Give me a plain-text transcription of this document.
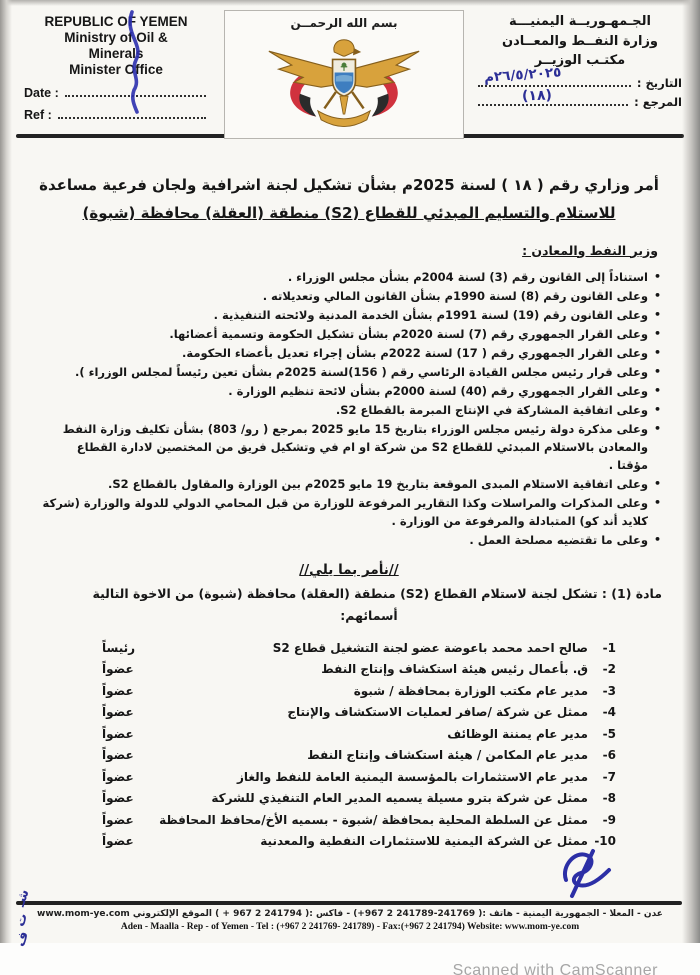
REPUBLIC OF YEMEN
Ministry of Oil &
Minerals
Minister Office
Date :
Ref :
بسم الله الرحمــن	الجـمهـوريــة اليمنيـــة
وزارة النفــط والمعــادن
مكتـب الوزيــر
التاريخ :
٢٦/٥/٢٠٢٥م
المرجع :
(١٨)
أمر وزاري رقم ( ١٨ ) لسنة 2025م بشأن تشكيل لجنة اشرافية ولجان فرعية مساعدة
للاستلام والتسليم المبدئي للقطاع (S2) منطقة (العقلة) محافظة (شبوة)
وزير النفط والمعادن :
• استناداً إلى القانون رقم (3) لسنة 2004م بشأن مجلس الوزراء .
• وعلى القانون رقم (8) لسنة 1990م بشأن القانون المالي وتعديلاته .
• وعلى القانون رقم (19) لسنة 1991م بشأن الخدمة المدنية ولائحته التنفيذية .
• وعلى القرار الجمهوري رقم (7) لسنة 2020م بشأن تشكيل الحكومة وتسمية أعضائها.
• وعلى القرار الجمهوري رقم ( 17) لسنة 2022م بشأن إجراء تعديل بأعضاء الحكومة.
• وعلى قرار رئيس مجلس القيادة الرئاسي رقم ( 156)لسنة 2025م بشأن تعين رئيساً لمجلس الوزراء ).
• وعلى القرار الجمهوري رقم (40) لسنة 2000م بشأن لائحة تنظيم الوزارة .
• وعلى اتفاقية المشاركة في الإنتاج المبرمة بالقطاع S2.
• وعلى مذكرة دولة رئيس مجلس الوزراء بتاريخ 15 مايو 2025 بمرجع ( رو/ 803) بشأن تكليف وزارة النفط والمعادن بالاستلام المبدئي للقطاع S2 من شركة او ام في وتشكيل فريق من المختصين لادارة القطاع مؤقتا .
• وعلى اتفاقية الاستلام المبدى الموقعة بتاريخ 19 مايو 2025م بين الوزارة والمقاول بالقطاع S2.
• وعلى المذكرات والمراسلات وكذا التقارير المرفوعة للوزارة من قبل المحامي الدولي للدولة والوزارة (شركة كلايد أند كو) المتبادلة والمرفوعة من الوزارة .
• وعلى ما تقتضيه مصلحة العمل .
//نأمر بما يلي//
مادة (1) : تشكل لجنة لاستلام القطاع (S2) منطقة (العقلة) محافظة (شبوة) من الاخوة التالية
أسمائهم:
1-
صالح احمد محمد باعوضة عضو لجنة التشغيل قطاع S2
رئيساً
2-
ق. بأعمال رئيس هيئة استكشاف وإنتاج النفط
عضواً
3-
مدير عام مكتب الوزارة بمحافظة / شبوة
عضواً
4-
ممثل عن شركة /صافر لعمليات الاستكشاف والإنتاج
عضواً
5-
مدير عام يمننة الوظائف
عضواً
6-
مدير عام المكامن / هيئة استكشاف وإنتاج النفط
عضواً
7-
مدير عام الاستثمارات بالمؤسسة اليمنية العامة للنفط والغاز
عضواً
8-
ممثل عن شركة بترو مسيلة يسميه المدير العام التنفيذي للشركة
عضواً
9-
ممثل عن السلطة المحلية بمحافظة /شبوة - بسميه الأخ/محافظ المحافظة
عضواً
10-
ممثل عن الشركة اليمنية للاستثمارات النفطية والمعدنية
عضواً
شـ
ت
ف
عدن - المعلا - الجمهورية اليمنية - هاتف :( 241769-241789 2 967+) - فاكس :( 241794 2 967 + ) الموقع الإلكتروني www.mom-ye.com
Aden - Maalla - Rep - of Yemen - Tel : (+967 2 241769- 241789) - Fax:(+967 2 241794) Website: www.mom-ye.com
Scanned with CamScanner
